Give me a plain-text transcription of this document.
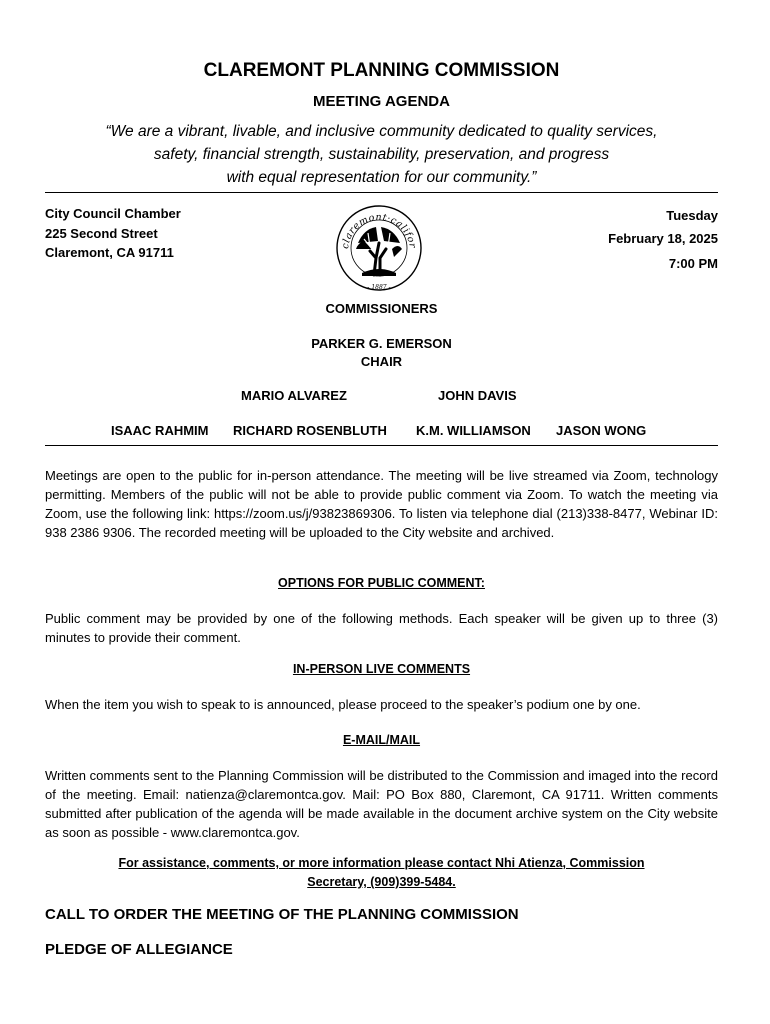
CLAREMONT PLANNING COMMISSION
MEETING AGENDA
“We are a vibrant, livable, and inclusive community dedicated to quality services,
safety, financial strength, sustainability, preservation, and progress
with equal representation for our community.”
City Council Chamber
225 Second Street
Claremont, CA 91711
Tuesday
February 18, 2025
7:00 PM
claremont·califor
- 1887 -
COMMISSIONERS
PARKER G. EMERSON
CHAIR
MARIO ALVAREZ	JOHN DAVIS
ISAAC RAHMIM RICHARD ROSENBLUTH K.M. WILLIAMSON JASON WONG
Meetings are open to the public for in-person attendance. The meeting will be live streamed via Zoom, technology permitting. Members of the public will not be able to provide public comment via Zoom. To watch the meeting via Zoom, use the following link: https://zoom.us/j/93823869306. To listen via telephone dial (213)338-8477, Webinar ID: 938 2386 9306. The recorded meeting will be uploaded to the City website and archived.
OPTIONS FOR PUBLIC COMMENT:
Public comment may be provided by one of the following methods. Each speaker will be given up to three (3) minutes to provide their comment.
IN-PERSON LIVE COMMENTS
When the item you wish to speak to is announced, please proceed to the speaker’s podium one by one.
E-MAIL/MAIL
Written comments sent to the Planning Commission will be distributed to the Commission and imaged into the record of the meeting. Email: natienza@claremontca.gov. Mail: PO Box 880, Claremont, CA 91711. Written comments submitted after publication of the agenda will be made available in the document archive system on the City website as soon as possible - www.claremontca.gov.
For assistance, comments, or more information please contact Nhi Atienza, Commission
Secretary, (909)399-5484.
CALL TO ORDER THE MEETING OF THE PLANNING COMMISSION
PLEDGE OF ALLEGIANCE
